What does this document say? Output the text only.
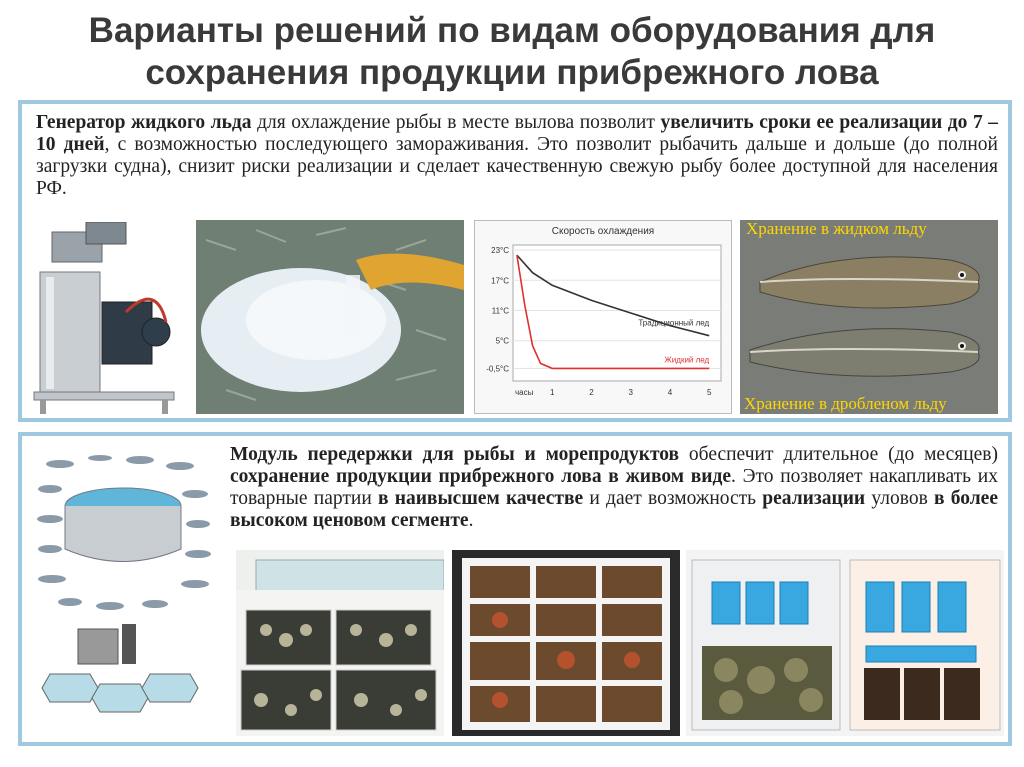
Варианты решений по видам оборудования для
сохранения продукции прибрежного лова
Генератор жидкого льда для охлаждение рыбы в месте вылова позволит увеличить сроки ее реализации до 7 – 10 дней, с возможностью последующего замораживания. Это позволит рыбачить дальше и дольше (до полной загрузки судна), снизит риски реализации и сделает качественную свежую рыбу более доступной для населения РФ.
Скорость охлаждения
23°C
17°C
11°C
5°C
-0,5°C
часы 1	2	3	4	5
Традиционный лед
Жидкий лед
Хранение в жидком льду
Хранение в дробленом льду
Модуль передержки для рыбы и морепродуктов обеспечит длительное (до месяцев) сохранение продукции прибрежного лова в живом виде. Это позволяет накапливать их товарные партии в наивысшем качестве и дает возможность реализации уловов в более высоком ценовом сегменте.
